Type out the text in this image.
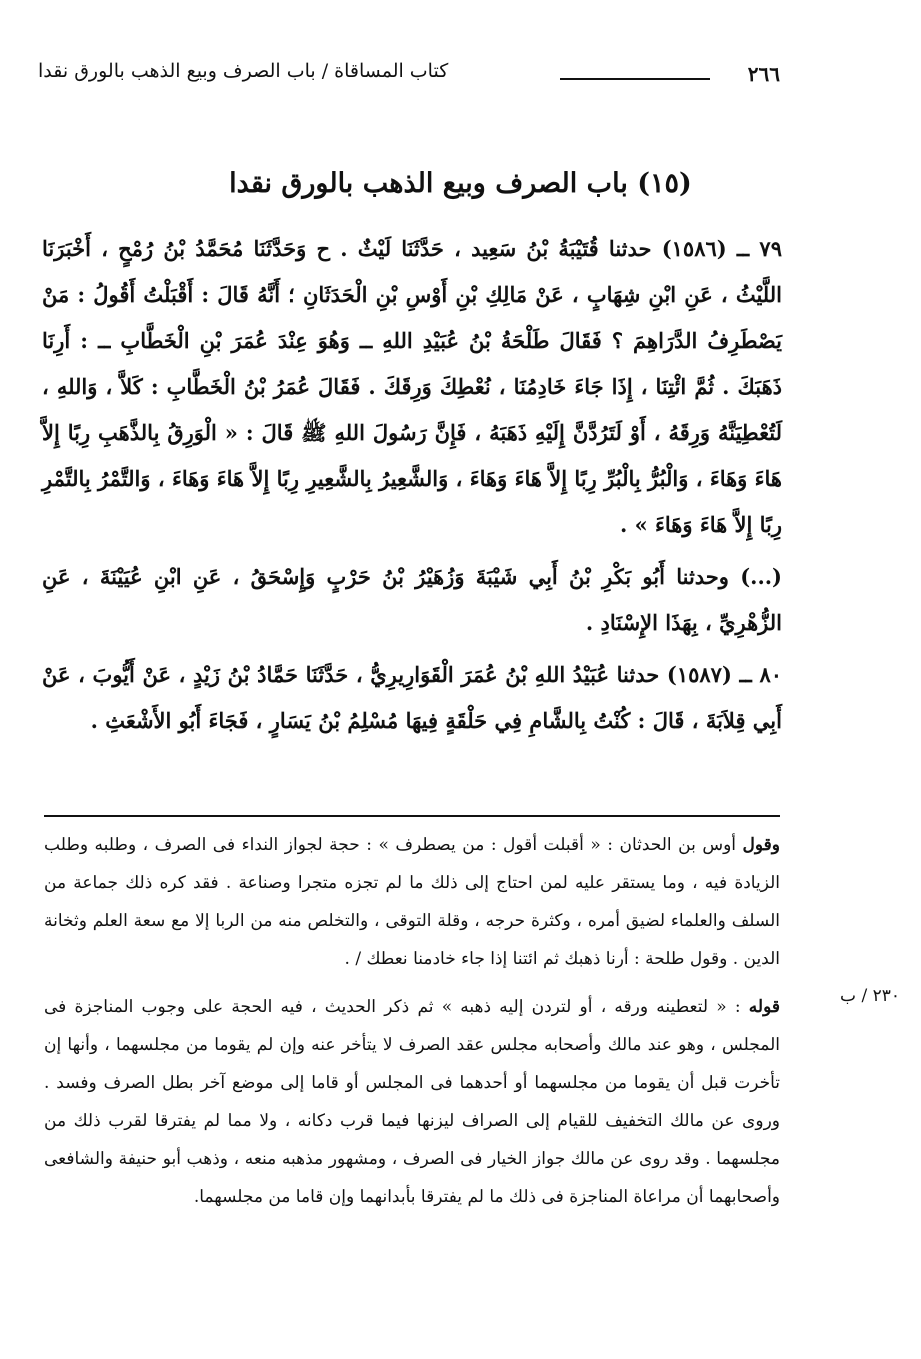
٢٦٦
كتاب المساقاة / باب الصرف وبيع الذهب بالورق نقدا
(١٥) باب الصرف وبيع الذهب بالورق نقدا

٧٩ ــ (١٥٨٦) حدثنا قُتَيْبَةُ بْنُ سَعِيد ، حَدَّثَنَا لَيْثٌ . ح وَحَدَّثَنَا مُحَمَّدُ بْنُ رُمْحٍ ، أَخْبَرَنَا اللَّيْثُ ، عَنِ ابْنِ شِهَابٍ ، عَنْ مَالِكِ بْنِ أَوْسِ بْنِ الْحَدَثَانِ ؛ أَنَّهُ قَالَ : أَقْبَلْتُ أَقُولُ : مَنْ يَصْطَرِفُ الدَّرَاهِمَ ؟ فَقَالَ طَلْحَةُ بْنُ عُبَيْدِ اللهِ ــ وَهُوَ عِنْدَ عُمَرَ بْنِ الْخَطَّابِ ــ : أَرِنَا ذَهَبَكَ . ثُمَّ ائْتِنَا ، إِذَا جَاءَ خَادِمُنَا ، نُعْطِكَ وَرِقَكَ . فَقَالَ عُمَرُ بْنُ الْخَطَّابِ : كَلاَّ ، وَاللهِ ، لَتُعْطِيَنَّهُ وَرِقَهُ ، أَوْ لَتَرُدَّنَّ إِلَيْهِ ذَهَبَهُ ، فَإِنَّ رَسُولَ اللهِ ﷺ قَالَ : « الْوَرِقُ بِالذَّهَبِ رِبًا إِلاَّ هَاءَ وَهَاءَ ، وَالْبُرُّ بِالْبُرِّ رِبًا إِلاَّ هَاءَ وَهَاءَ ، وَالشَّعِيرُ بِالشَّعِيرِ رِبًا إِلاَّ هَاءَ وَهَاءَ ، وَالتَّمْرُ بِالتَّمْرِ رِبًا إِلاَّ هَاءَ وَهَاءَ » .

(...) وحدثنا أَبُو بَكْرِ بْنُ أَبِي شَيْبَةَ وَزُهَيْرُ بْنُ حَرْبٍ وَإِسْحَقُ ، عَنِ ابْنِ عُيَيْنَةَ ، عَنِ الزُّهْرِيِّ ، بِهَذَا الإِسْنَادِ .

٨٠ ــ (١٥٨٧) حدثنا عُبَيْدُ اللهِ بْنُ عُمَرَ الْقَوَارِيرِيُّ ، حَدَّثَنَا حَمَّادُ بْنُ زَيْدٍ ، عَنْ أَيُّوبَ ، عَنْ أَبِي قِلاَبَةَ ، قَالَ : كُنْتُ بِالشَّامِ فِي حَلْقَةٍ فِيهَا مُسْلِمُ بْنُ يَسَارٍ ، فَجَاءَ أَبُو الأَشْعَثِ .

وقول أوس بن الحدثان : « أقبلت أقول : من يصطرف » : حجة لجواز النداء فى الصرف ، وطلبه وطلب الزيادة فيه ، وما يستقر عليه لمن احتاج إلى ذلك ما لم تجزه متجرا وصناعة . فقد كره ذلك جماعة من السلف والعلماء لضيق أمره ، وكثرة حرجه ، وقلة التوقى ، والتخلص منه من الربا إلا مع سعة العلم وثخانة الدين . وقول طلحة : أرنا ذهبك ثم ائتنا إذا جاء خادمنا نعطك / .

قوله : « لتعطينه ورقه ، أو لتردن إليه ذهبه » ثم ذكر الحديث ، فيه الحجة على وجوب المناجزة فى المجلس ، وهو عند مالك وأصحابه مجلس عقد الصرف لا يتأخر عنه وإن لم يقوما من مجلسهما ، وأنها إن تأخرت قبل أن يقوما من مجلسهما أو أحدهما فى المجلس أو قاما إلى موضع آخر بطل الصرف وفسد . وروى عن مالك التخفيف للقيام إلى الصراف ليزنها فيما قرب دكانه ، ولا مما لم يفترقا لقرب ذلك من مجلسهما . وقد روى عن مالك جواز الخيار فى الصرف ، ومشهور مذهبه منعه ، وذهب أبو حنيفة والشافعى وأصحابهما أن مراعاة المناجزة فى ذلك ما لم يفترقا بأبدانهما وإن قاما من مجلسهما.

٢٣٠ / ب
